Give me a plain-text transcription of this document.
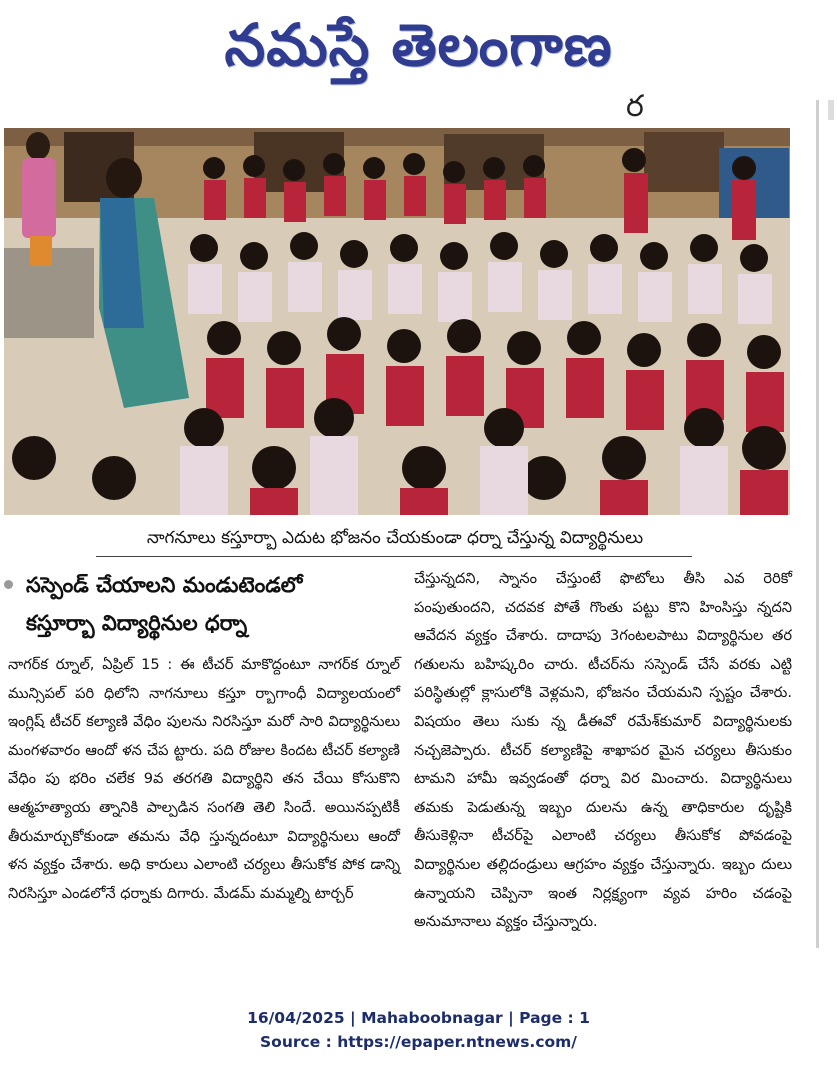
నమస్తే తెలంగాణ
ర
నాగనూలు కస్తూర్బా ఎదుట భోజనం చేయకుండా ధర్నా చేస్తున్న విద్యార్థినులు
సస్పెండ్ చేయాలని మండుటెండలో
కస్తూర్బా విద్యార్థినుల ధర్నా

నాగర్‌క ర్నూల్, ఏప్రిల్ 15 : ఈ టీచర్ మాకొద్దంటూ నాగర్‌క ర్నూల్ మున్సిపల్ పరి ధిలోని నాగనూలు కస్తూ ర్బాగాంధీ విద్యాలయంలో ఇంగ్లిష్ టీచర్ కల్యాణి వేధిం పులను నిరసిస్తూ మరో సారి విద్యార్థినులు మంగళవారం ఆందో ళన చేప ట్టారు. పది రోజుల కిందట టీచర్ కల్యాణి వేధిం పు భరిం చలేక 9వ తరగతి విద్యార్థిని తన చేయి కోసుకొని ఆత్మహత్యాయ త్నానికి పాల్పడిన సంగతి తెలి సిందే. అయినప్పటికీ తీరుమార్చుకోకుండా తమను వేధి స్తున్నదంటూ విద్యార్థినులు ఆందో ళన వ్యక్తం చేశారు. అధి కారులు ఎలాంటి చర్యలు తీసుకోక పోక డాన్ని నిరసిస్తూ ఎండలోనే ధర్నాకు దిగారు. మేడమ్ మమ్మల్ని టార్చర్

చేస్తున్నదని, స్నానం చేస్తుంటే ఫొటోలు తీసి ఎవ రెరికో పంపుతుందని, చదవక పోతే గొంతు పట్టు కొని హింసిస్తు న్నదని ఆవేదన వ్యక్తం చేశారు. దాదాపు 3గంటలపాటు విద్యార్థినుల తర గతులను బహిష్కరిం చారు. టీచర్‌ను సస్పెండ్ చేసే వరకు ఎట్టి పరిస్థితుల్లో క్లాసులోకి వెళ్లమని, భోజనం చేయమని స్పష్టం చేశారు. విషయం తెలు సుకు న్న డీఈవో రమేశ్‌కుమార్ విద్యార్థినులకు నచ్చజెప్పారు. టీచర్ కల్యాణిపై శాఖాపర మైన చర్యలు తీసుకుం టామని హామీ ఇవ్వడంతో ధర్నా విర మించారు. విద్యార్థినులు తమకు పెడుతున్న ఇబ్బం దులను ఉన్న తాధికారుల దృష్టికి తీసుకెళ్లినా టీచర్‌పై ఎలాంటి చర్యలు తీసుకోక పోవడంపై విద్యార్థినుల తల్లిదండ్రులు ఆగ్రహం వ్యక్తం చేస్తున్నారు. ఇబ్బం దులు ఉన్నాయని చెప్పినా ఇంత నిర్లక్ష్యంగా వ్యవ హరిం చడంపై అనుమానాలు వ్యక్తం చేస్తున్నారు.

16/04/2025 | Mahaboobnagar | Page : 1
Source : https://epaper.ntnews.com/
